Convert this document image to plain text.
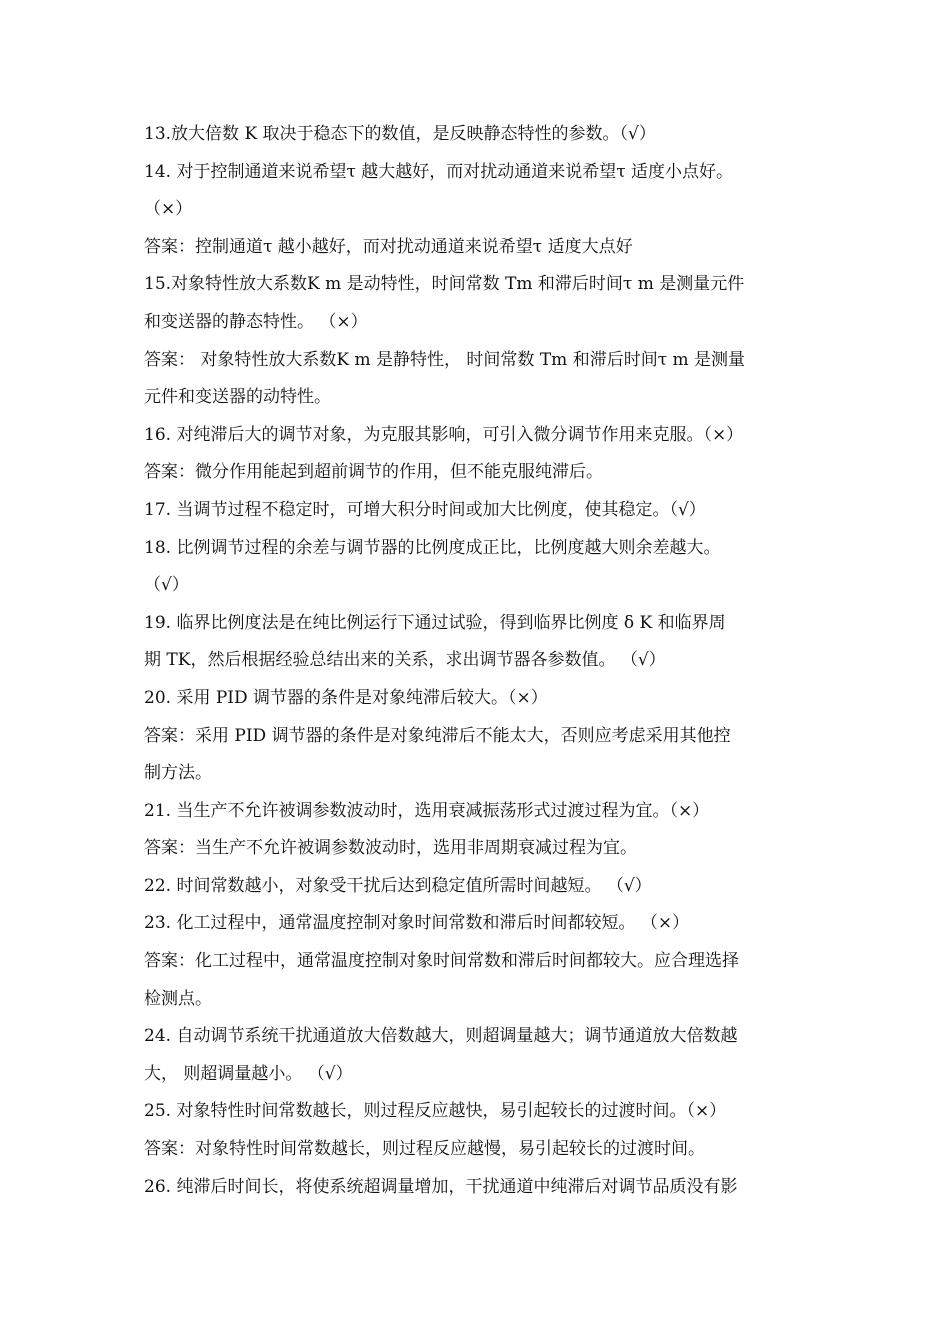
13.放大倍数 K 取决于稳态下的数值，是反映静态特性的参数。（√）
14. 对于控制通道来说希望τ 越大越好，而对扰动通道来说希望τ 适度小点好。
（×）
答案：控制通道τ 越小越好，而对扰动通道来说希望τ 适度大点好
15.对象特性放大系数Κ m 是动特性，时间常数 Tm 和滞后时间τ m 是测量元件
和变送器的静态特性。 （×）
答案： 对象特性放大系数Κ m 是静特性， 时间常数 Tm 和滞后时间τ m 是测量
元件和变送器的动特性。
16. 对纯滞后大的调节对象，为克服其影响，可引入微分调节作用来克服。（×）
答案：微分作用能起到超前调节的作用，但不能克服纯滞后。
17. 当调节过程不稳定时，可增大积分时间或加大比例度，使其稳定。（√）
18. 比例调节过程的余差与调节器的比例度成正比，比例度越大则余差越大。
（√）
19. 临界比例度法是在纯比例运行下通过试验，得到临界比例度 δ K 和临界周
期 TK，然后根据经验总结出来的关系，求出调节器各参数值。 （√）
20. 采用 PID 调节器的条件是对象纯滞后较大。（×）
答案：采用 PID 调节器的条件是对象纯滞后不能太大，否则应考虑采用其他控
制方法。
21. 当生产不允许被调参数波动时，选用衰减振荡形式过渡过程为宜。（×）
答案：当生产不允许被调参数波动时，选用非周期衰减过程为宜。
22. 时间常数越小，对象受干扰后达到稳定值所需时间越短。 （√）
23. 化工过程中，通常温度控制对象时间常数和滞后时间都较短。 （×）
答案：化工过程中，通常温度控制对象时间常数和滞后时间都较大。应合理选择
检测点。
24. 自动调节系统干扰通道放大倍数越大，则超调量越大；调节通道放大倍数越
大， 则超调量越小。 （√）
25. 对象特性时间常数越长，则过程反应越快，易引起较长的过渡时间。（×）
答案：对象特性时间常数越长，则过程反应越慢，易引起较长的过渡时间。
26. 纯滞后时间长，将使系统超调量增加，干扰通道中纯滞后对调节品质没有影
